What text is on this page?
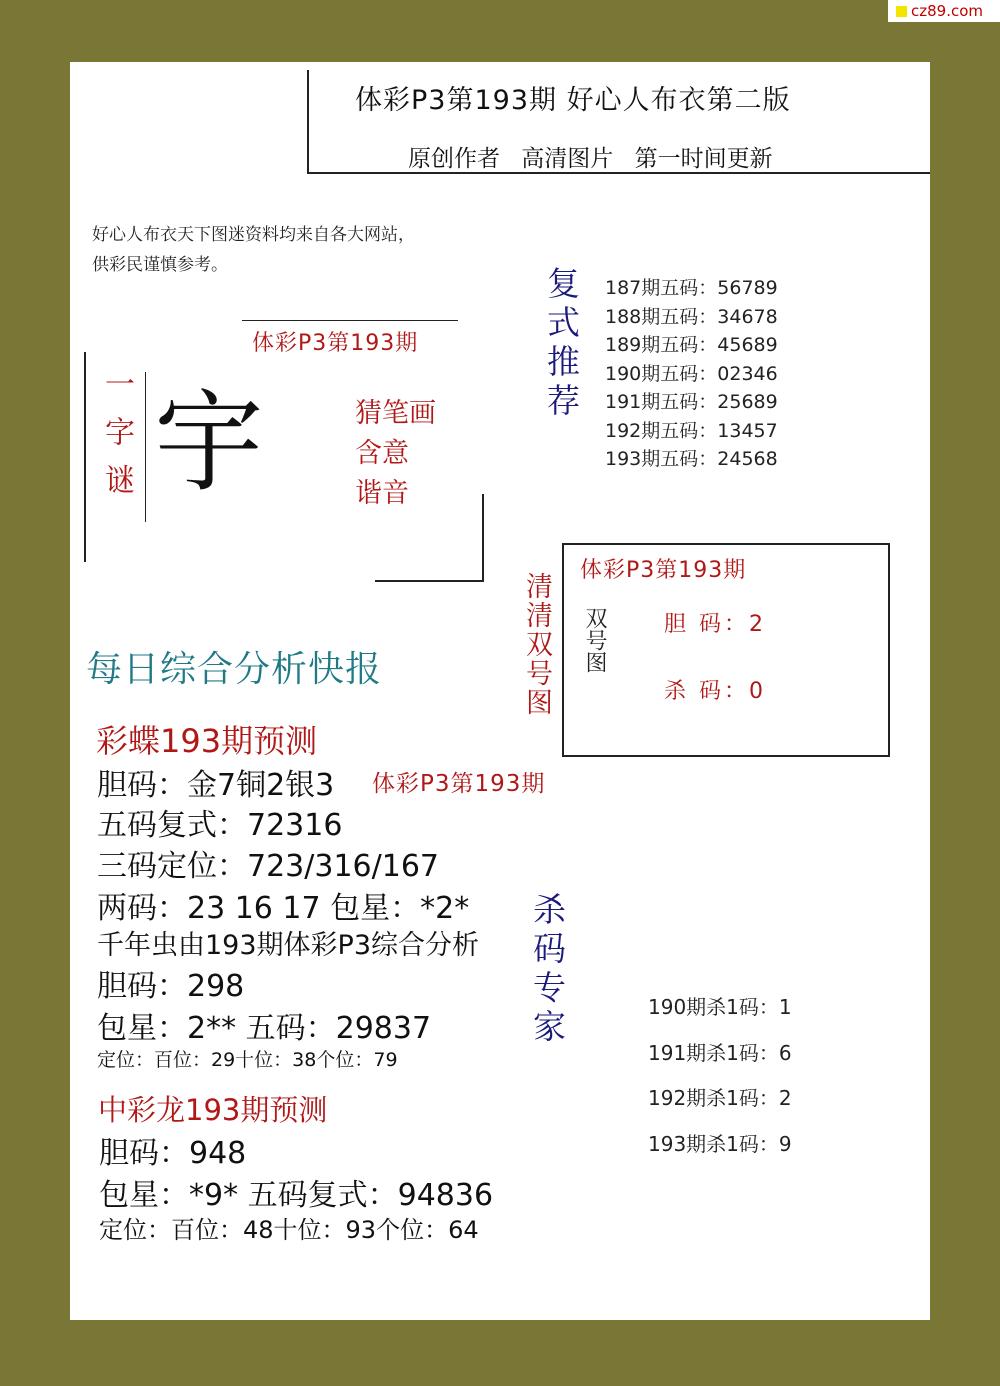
cz89.com
体彩P3第193期 好心人布衣第二版
原创作者 高清图片 第一时间更新
好心人布衣天下图迷资料均来自各大网站，
供彩民谨慎参考。
体彩P3第193期
一字谜 宇	猜笔画
含意
谐音
复式推荐 187期五码：56789
188期五码：34678
189期五码：45689
190期五码：02346
191期五码：25689
192期五码：13457
193期五码：24568
清清双号图
体彩P3第193期
双号图	胆 码：2
杀 码：0
每日综合分析快报
彩蝶193期预测
胆码：金7铜2银3
五码复式：72316
三码定位：723/316/167
两码：23 16 17 包星：*2*
体彩P3第193期
千年虫由193期体彩P3综合分析
胆码：298
包星：2** 五码：29837
定位：百位：29十位：38个位：79
中彩龙193期预测
胆码：948
包星：*9* 五码复式：94836
定位：百位：48十位：93个位：64
杀码专家	190期杀1码：1
191期杀1码：6
192期杀1码：2
193期杀1码：9
